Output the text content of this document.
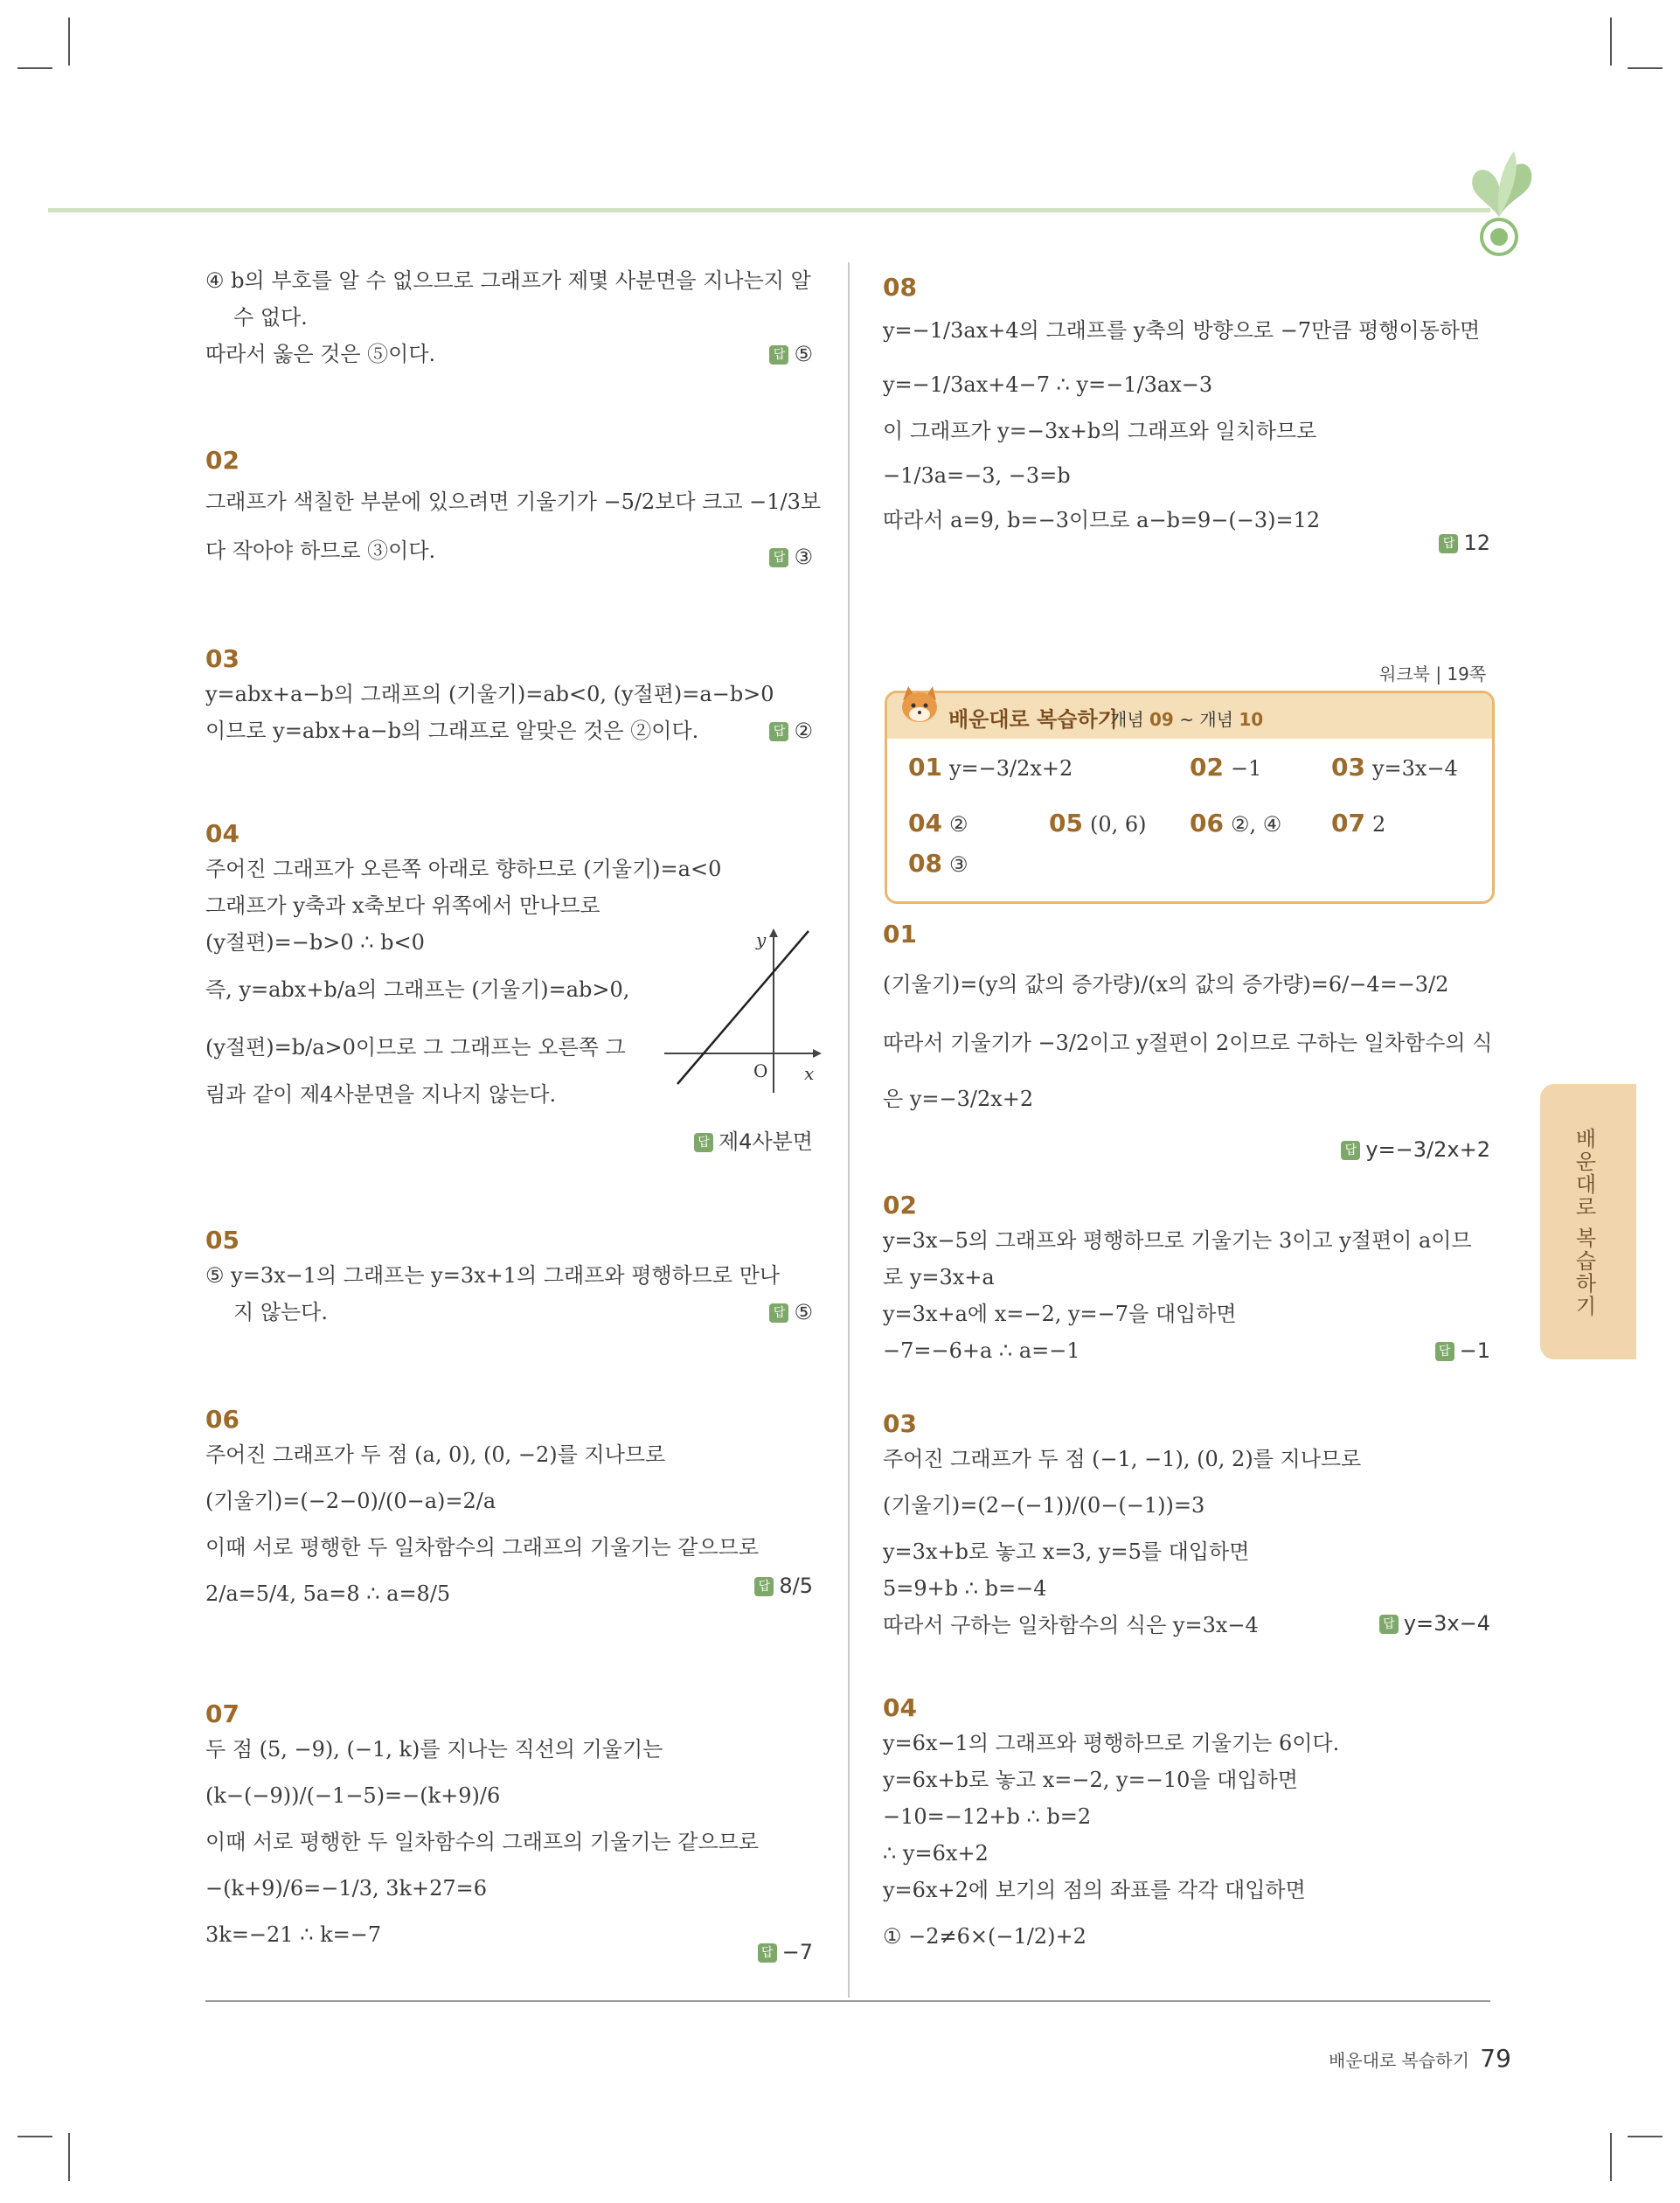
④ b의 부호를 알 수 없으므로 그래프가 제몇 사분면을 지나는지 알
수 없다.
따라서 옳은 것은 ⑤이다.	답 ⑤
02
그래프가 색칠한 부분에 있으려면 기울기가 −5/2보다 크고 −1/3보
다 작아야 하므로 ③이다.	답 ③
03
y=abx+a−b의 그래프의 (기울기)=ab<0, (y절편)=a−b>0
이므로 y=abx+a−b의 그래프로 알맞은 것은 ②이다.	답 ②
04
주어진 그래프가 오른쪽 아래로 향하므로 (기울기)=a<0
그래프가 y축과 x축보다 위쪽에서 만나므로
(y절편)=−b>0 ∴ b<0
즉, y=abx+b/a의 그래프는 (기울기)=ab>0,
(y절편)=b/a>0이므로 그 그래프는 오른쪽 그
림과 같이 제4사분면을 지나지 않는다.
답 제4사분면
y
x
O
05
⑤ y=3x−1의 그래프는 y=3x+1의 그래프와 평행하므로 만나
지 않는다.	답 ⑤
06
주어진 그래프가 두 점 (a, 0), (0, −2)를 지나므로
(기울기)=(−2−0)/(0−a)=2/a
이때 서로 평행한 두 일차함수의 그래프의 기울기는 같으므로
2/a=5/4, 5a=8 ∴ a=8/5	답 8/5
07
두 점 (5, −9), (−1, k)를 지나는 직선의 기울기는
(k−(−9))/(−1−5)=−(k+9)/6
이때 서로 평행한 두 일차함수의 그래프의 기울기는 같으므로
−(k+9)/6=−1/3, 3k+27=6
3k=−21 ∴ k=−7
답 −7
08
y=−1/3ax+4의 그래프를 y축의 방향으로 −7만큼 평행이동하면
y=−1/3ax+4−7 ∴ y=−1/3ax−3
이 그래프가 y=−3x+b의 그래프와 일치하므로
−1/3a=−3, −3=b
따라서 a=9, b=−3이므로 a−b=9−(−3)=12
답 12
워크북 | 19쪽
배운대로 복습하기
개념 09 ~ 개념 10
01 y=−3/2x+2	02 −1	03 y=3x−4
04 ②	05 (0, 6) 06 ②, ④ 07 2
08 ③
01
(기울기)=(y의 값의 증가량)/(x의 값의 증가량)=6/−4=−3/2
따라서 기울기가 −3/2이고 y절편이 2이므로 구하는 일차함수의 식
은 y=−3/2x+2
답 y=−3/2x+2
02
y=3x−5의 그래프와 평행하므로 기울기는 3이고 y절편이 a이므
로 y=3x+a
y=3x+a에 x=−2, y=−7을 대입하면
−7=−6+a ∴ a=−1	답 −1
03
주어진 그래프가 두 점 (−1, −1), (0, 2)를 지나므로
(기울기)=(2−(−1))/(0−(−1))=3
y=3x+b로 놓고 x=3, y=5를 대입하면
5=9+b ∴ b=−4
따라서 구하는 일차함수의 식은 y=3x−4	답 y=3x−4
04
y=6x−1의 그래프와 평행하므로 기울기는 6이다.
y=6x+b로 놓고 x=−2, y=−10을 대입하면
−10=−12+b ∴ b=2
∴ y=6x+2
y=6x+2에 보기의 점의 좌표를 각각 대입하면
① −2≠6×(−1/2)+2
배운대로 복습하기
배운대로 복습하기 79
